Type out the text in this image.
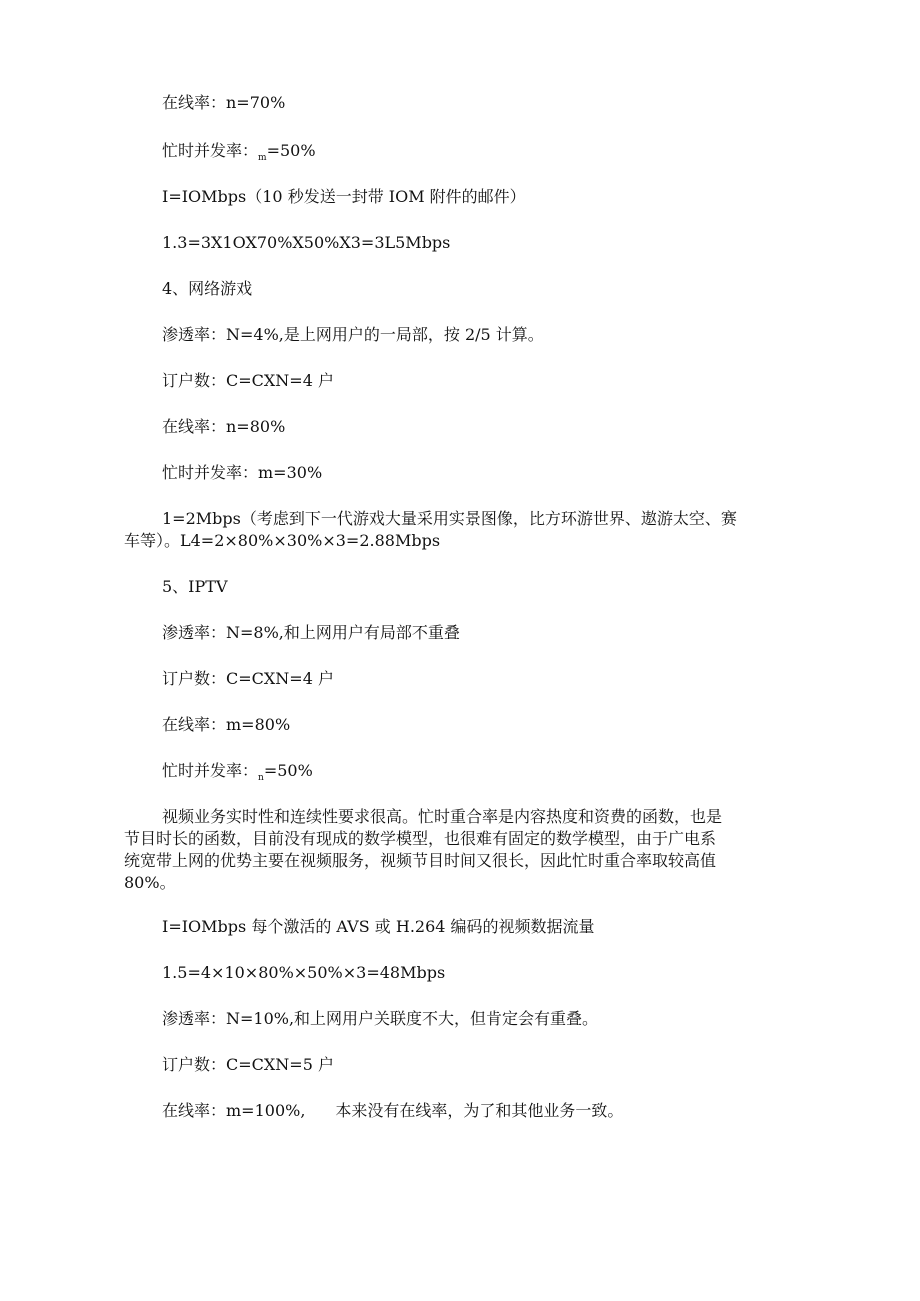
在线率：n=70%
忙时并发率：$_m$=50%
I=IOMbps（10 秒发送一封带 IOM 附件的邮件）
1.3=3X1OX70%X50%X3=3L5Mbps
4、网络游戏
渗透率：N=4%,是上网用户的一局部，按 2/5 计算。
订户数：C=CXN=4 户
在线率：n=80%
忙时并发率：m=30%
1=2Mbps（考虑到下一代游戏大量采用实景图像，比方环游世界、遨游太空、赛
车等）。L4=2×80%×30%×3=2.88Mbps
5、IPTV
渗透率：N=8%,和上网用户有局部不重叠
订户数：C=CXN=4 户
在线率：m=80%
忙时并发率：$_n$=50%
视频业务实时性和连续性要求很高。忙时重合率是内容热度和资费的函数，也是
节目时长的函数，目前没有现成的数学模型，也很难有固定的数学模型，由于广电系
统宽带上网的优势主要在视频服务，视频节目时间又很长，因此忙时重合率取较高值
80%。
I=IOMbps 每个激活的 AVS 或 H.264 编码的视频数据流量
1.5=4×10×80%×50%×3=48Mbps
渗透率：N=10%,和上网用户关联度不大，但肯定会有重叠。
订户数：C=CXN=5 户
在线率：m=100%, 本来没有在线率，为了和其他业务一致。
